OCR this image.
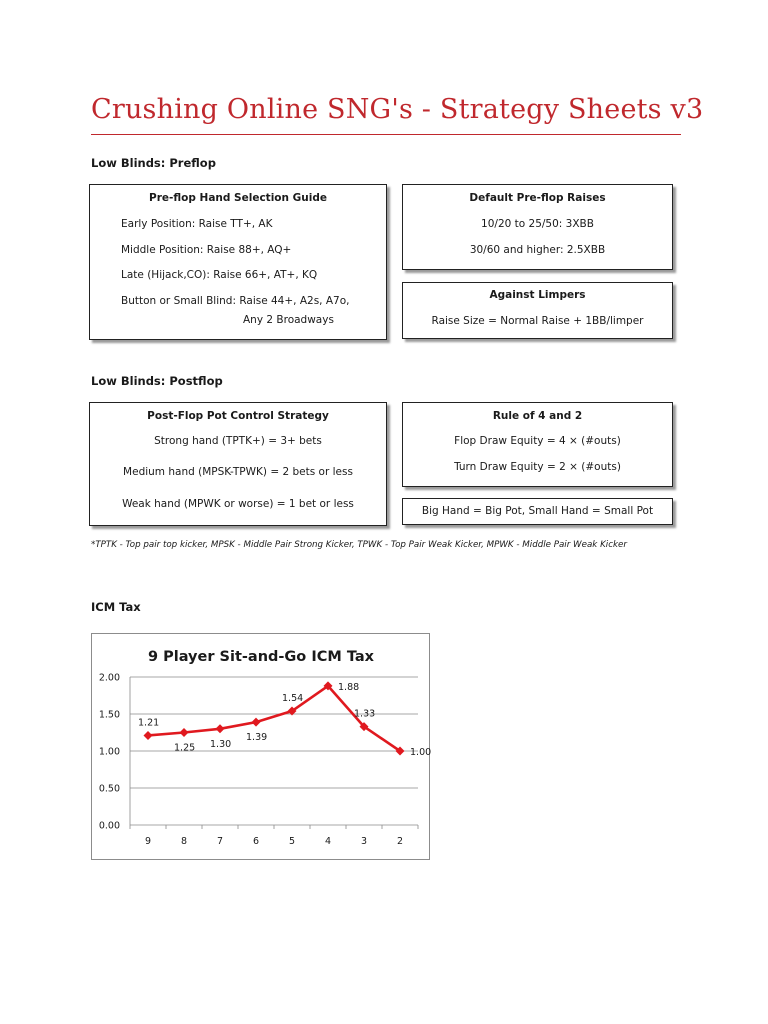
Crushing Online SNG's - Strategy Sheets v3
Low Blinds: Preflop
Pre-flop Hand Selection Guide
Early Position: Raise TT+, AK
Middle Position: Raise 88+, AQ+
Late (Hijack,CO): Raise 66+, AT+, KQ
Button or Small Blind: Raise 44+, A2s, A7o,
Any 2 Broadways
Default Pre-flop Raises
10/20 to 25/50: 3XBB
30/60 and higher: 2.5XBB
Against Limpers
Raise Size = Normal Raise + 1BB/limper
Low Blinds: Postflop
Post-Flop Pot Control Strategy
Strong hand (TPTK+) = 3+ bets
Medium hand (MPSK-TPWK) = 2 bets or less
Weak hand (MPWK or worse) = 1 bet or less
Rule of 4 and 2
Flop Draw Equity = 4 × (#outs)
Turn Draw Equity = 2 × (#outs)
Big Hand = Big Pot, Small Hand = Small Pot
*TPTK - Top pair top kicker, MPSK - Middle Pair Strong Kicker, TPWK - Top Pair Weak Kicker, MPWK - Middle Pair Weak Kicker
ICM Tax
9 Player Sit-and-Go ICM Tax
0.00
0.50
1.00
1.50
2.00
9	8	7	6	5	4	3	2
1.21
1.25 1.30
1.39
1.54
1.88
1.33
1.00
